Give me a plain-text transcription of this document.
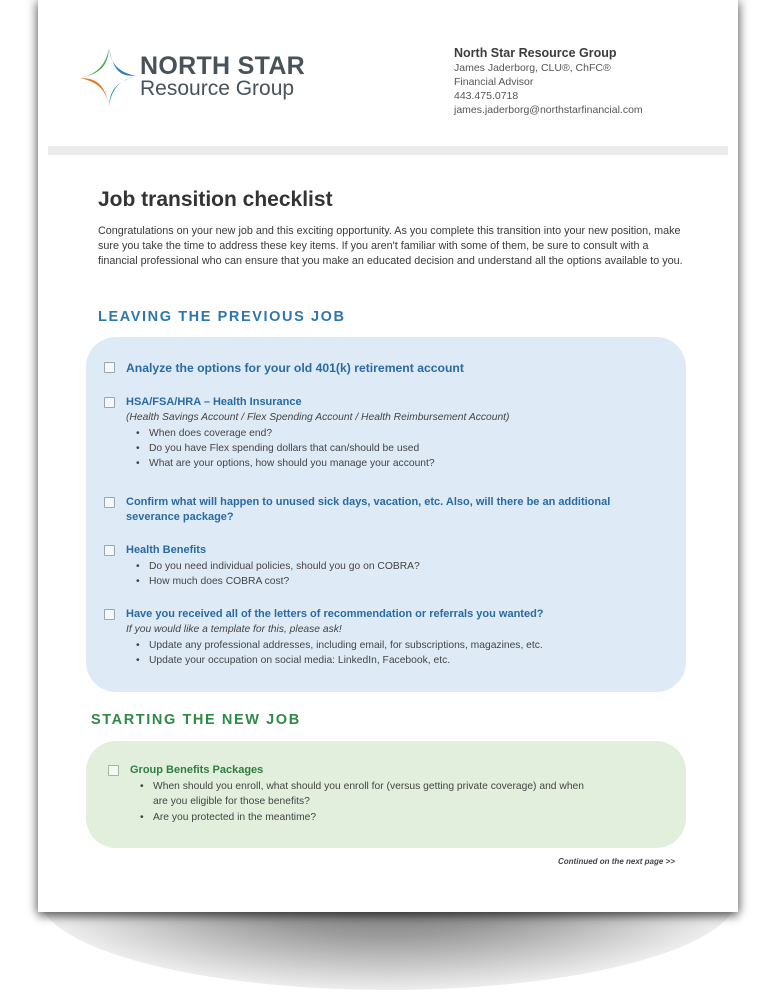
NORTH STAR
Resource Group
North Star Resource Group
James Jaderborg, CLU®, ChFC®
Financial Advisor
443.475.0718
james.jaderborg@northstarfinancial.com
Job transition checklist
Congratulations on your new job and this exciting opportunity. As you complete this transition into your new position, make sure you take the time to address these key items. If you aren't familiar with some of them, be sure to consult with a financial professional who can ensure that you make an educated decision and understand all the options available to you.
LEAVING THE PREVIOUS JOB
Analyze the options for your old 401(k) retirement account
HSA/FSA/HRA – Health Insurance
(Health Savings Account / Flex Spending Account / Health Reimbursement Account)
• When does coverage end?
• Do you have Flex spending dollars that can/should be used
• What are your options, how should you manage your account?
Confirm what will happen to unused sick days, vacation, etc. Also, will there be an additional
severance package?
Health Benefits
• Do you need individual policies, should you go on COBRA?
• How much does COBRA cost?
Have you received all of the letters of recommendation or referrals you wanted?
If you would like a template for this, please ask!
• Update any professional addresses, including email, for subscriptions, magazines, etc.
• Update your occupation on social media: LinkedIn, Facebook, etc.
STARTING THE NEW JOB
Group Benefits Packages
• When should you enroll, what should you enroll for (versus getting private coverage) and when
are you eligible for those benefits?
• Are you protected in the meantime?
Continued on the next page >>
